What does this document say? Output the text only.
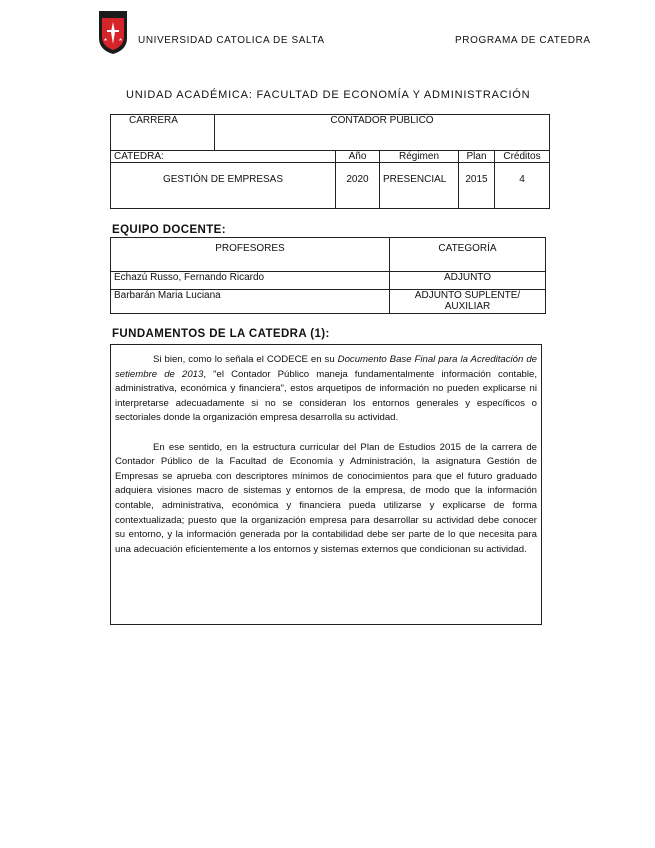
UNIVERSIDAD CATOLICA DE SALTA	PROGRAMA DE CATEDRA
UNIDAD ACADÉMICA: FACULTAD DE ECONOMÍA Y ADMINISTRACIÓN
CARRERA	CONTADOR PÚBLICO
CATEDRA:	Año	Régimen	Plan	Créditos
GESTIÓN DE EMPRESAS	2020	PRESENCIAL	2015	4
EQUIPO DOCENTE:
PROFESORES	CATEGORÍA
Echazú Russo, Fernando Ricardo	ADJUNTO
Barbarán Maria Luciana	ADJUNTO SUPLENTE/ AUXILIAR
FUNDAMENTOS DE LA CATEDRA (1):

Si bien, como lo señala el CODECE en su Documento Base Final para la Acreditación de setiembre de 2013, "el Contador Público maneja fundamentalmente información contable, administrativa, económica y financiera", estos arquetipos de información no pueden explicarse ni interpretarse adecuadamente si no se consideran los entornos generales y específicos o sectoriales donde la organización empresa desarrolla su actividad.

En ese sentido, en la estructura curricular del Plan de Estudios 2015 de la carrera de Contador Público de la Facultad de Economía y Administración, la asignatura Gestión de Empresas se aprueba con descriptores mínimos de conocimientos para que el futuro graduado adquiera visiones macro de sistemas y entornos de la empresa, de modo que la información contable, administrativa, económica y financiera pueda utilizarse y explicarse de forma contextualizada; puesto que la organización empresa para desarrollar su actividad debe conocer su entorno, y la información generada por la contabilidad debe ser parte de lo que necesita para una adecuación eficientemente a los entornos y sistemas externos que condicionan su actividad.
